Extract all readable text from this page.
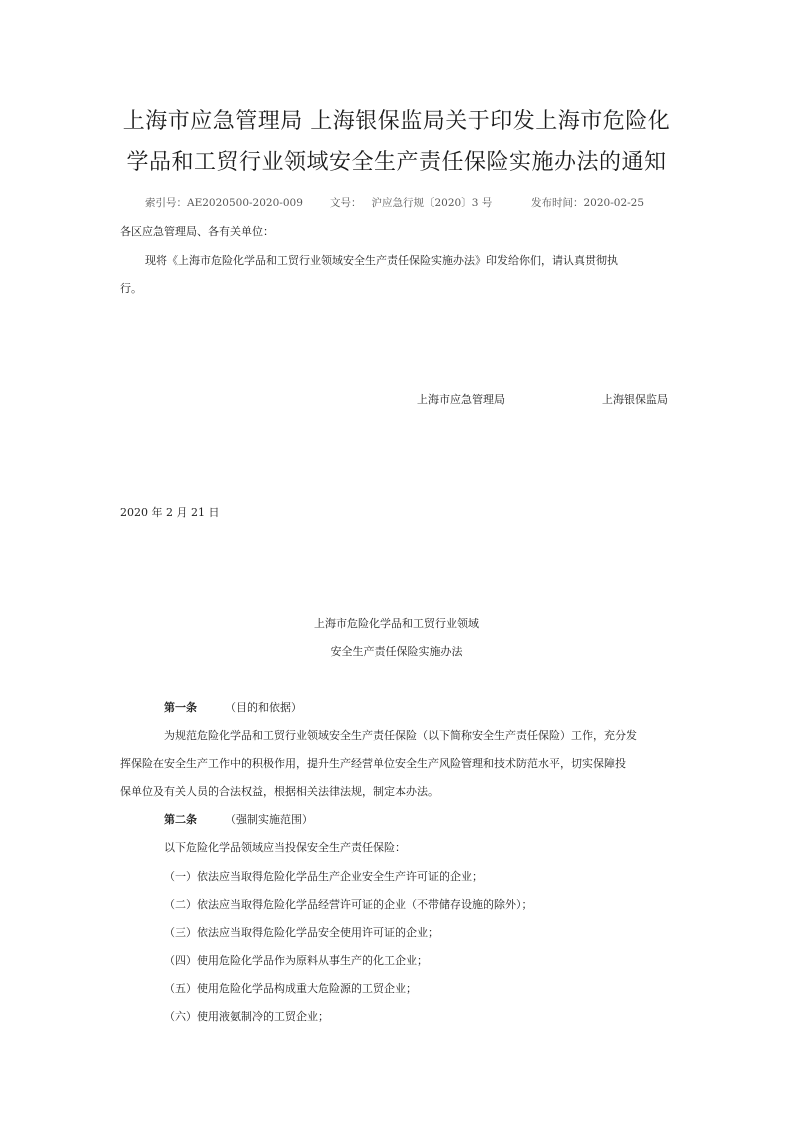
上海市应急管理局 上海银保监局关于印发上海市危险化
学品和工贸行业领域安全生产责任保险实施办法的通知
索引号：AE2020500-2020-009	文号： 沪应急行规〔2020〕3 号	发布时间：2020-02-25
各区应急管理局、各有关单位：
现将《上海市危险化学品和工贸行业领域安全生产责任保险实施办法》印发给你们，请认真贯彻执
行。
上海市应急管理局	上海银保监局
2020 年 2 月 21 日
上海市危险化学品和工贸行业领域
安全生产责任保险实施办法
第一条	（目的和依据）
为规范危险化学品和工贸行业领域安全生产责任保险（以下简称安全生产责任保险）工作，充分发
挥保险在安全生产工作中的积极作用，提升生产经营单位安全生产风险管理和技术防范水平，切实保障投
保单位及有关人员的合法权益，根据相关法律法规，制定本办法。
第二条	（强制实施范围）
以下危险化学品领域应当投保安全生产责任保险：
（一）依法应当取得危险化学品生产企业安全生产许可证的企业；
（二）依法应当取得危险化学品经营许可证的企业（不带储存设施的除外）；
（三）依法应当取得危险化学品安全使用许可证的企业；
（四）使用危险化学品作为原料从事生产的化工企业；
（五）使用危险化学品构成重大危险源的工贸企业；
（六）使用液氨制冷的工贸企业；
